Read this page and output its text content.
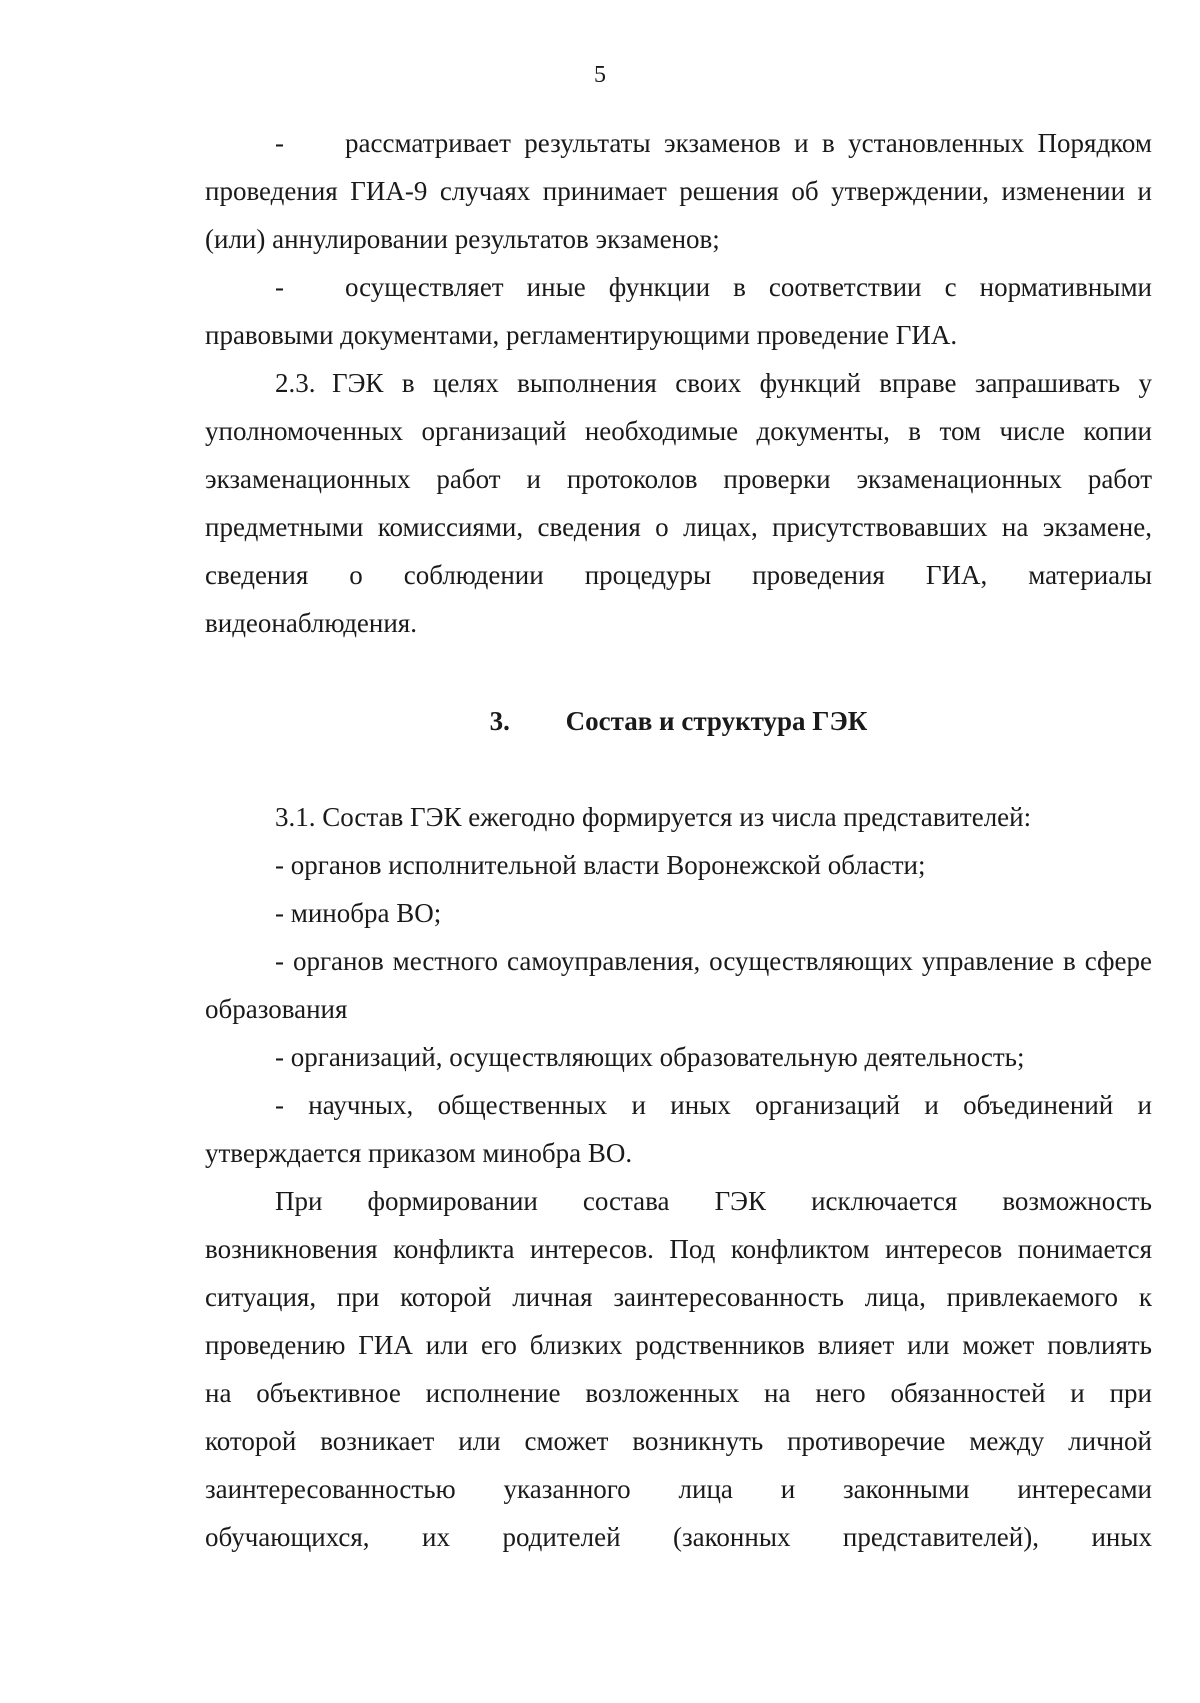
5

- рассматривает результаты экзаменов и в установленных Порядком проведения ГИА-9 случаях принимает решения об утверждении, изменении и (или) аннулировании результатов экзаменов;

- осуществляет иные функции в соответствии с нормативными правовыми документами, регламентирующими проведение ГИА.

2.3. ГЭК в целях выполнения своих функций вправе запрашивать у уполномоченных организаций необходимые документы, в том числе копии экзаменационных работ и протоколов проверки экзаменационных работ предметными комиссиями, сведения о лицах, присутствовавших на экзамене, сведения о соблюдении процедуры проведения ГИА, материалы видеонаблюдения.

3. Состав и структура ГЭК

3.1. Состав ГЭК ежегодно формируется из числа представителей:

- органов исполнительной власти Воронежской области;

- минобра ВО;

- органов местного самоуправления, осуществляющих управление в сфере образования

- организаций, осуществляющих образовательную деятельность;

- научных, общественных и иных организаций и объединений и утверждается приказом минобра ВО.

При формировании состава ГЭК исключается возможность
возникновения конфликта интересов. Под конфликтом интересов понимается
ситуация, при которой личная заинтересованность лица, привлекаемого к
проведению ГИА или его близких родственников влияет или может повлиять
на объективное исполнение возложенных на него обязанностей и при
которой возникает или сможет возникнуть противоречие между личной
заинтересованностью указанного лица и законными интересами
обучающихся, их родителей (законных представителей), иных
